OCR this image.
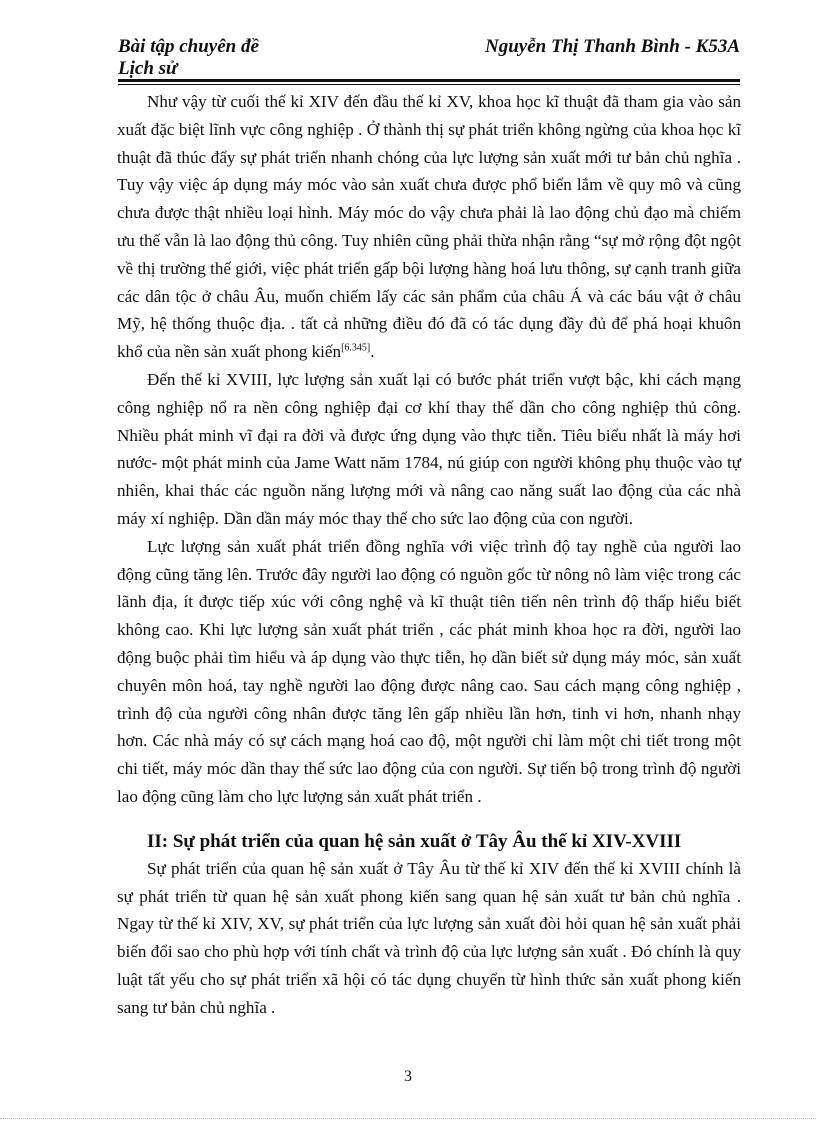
Bài tập chuyên đề
Lịch sử
Nguyễn Thị Thanh Bình - K53A

Như vậy từ cuối thế kỉ XIV đến đầu thế kỉ XV, khoa học kĩ thuật đã tham gia vào sản xuất đặc biệt lĩnh vực công nghiệp . Ở thành thị sự phát triển không ngừng của khoa học kĩ thuật đã thúc đẩy sự phát triển nhanh chóng của lực lượng sản xuất mới tư bản chủ nghĩa . Tuy vậy việc áp dụng máy móc vào sản xuất chưa được phổ biến lắm về quy mô và cũng chưa được thật nhiều loại hình. Máy móc do vậy chưa phải là lao động chủ đạo mà chiếm ưu thế vẫn là lao động thủ công. Tuy nhiên cũng phải thừa nhận rằng “sự mở rộng đột ngột về thị trường thế giới, việc phát triển gấp bội lượng hàng hoá lưu thông, sự cạnh tranh giữa các dân tộc ở châu Âu, muốn chiếm lấy các sản phẩm của châu Á và các báu vật ở châu Mỹ, hệ thống thuộc địa. . tất cả những điều đó đã có tác dụng đầy đủ để phá hoại khuôn khổ của nền sản xuất phong kiến[6.345].

Đến thế kỉ XVIII, lực lượng sản xuất lại có bước phát triển vượt bậc, khi cách mạng công nghiệp nổ ra nền công nghiệp đại cơ khí thay thế dần cho công nghiệp thủ công. Nhiều phát minh vĩ đại ra đời và được ứng dụng vào thực tiễn. Tiêu biểu nhất là máy hơi nước- một phát minh của Jame Watt năm 1784, nú giúp con người không phụ thuộc vào tự nhiên, khai thác các nguồn năng lượng mới và nâng cao năng suất lao động của các nhà máy xí nghiệp. Dần dần máy móc thay thế cho sức lao động của con người.

Lực lượng sản xuất phát triển đồng nghĩa với việc trình độ tay nghề của người lao động cũng tăng lên. Trước đây người lao động có nguồn gốc từ nông nô làm việc trong các lãnh địa, ít được tiếp xúc với công nghệ và kĩ thuật tiên tiến nên trình độ thấp hiểu biết không cao. Khi lực lượng sản xuất phát triển , các phát minh khoa học ra đời, người lao động buộc phải tìm hiểu và áp dụng vào thực tiễn, họ dần biết sử dụng máy móc, sản xuất chuyên môn hoá, tay nghề người lao động được nâng cao. Sau cách mạng công nghiệp , trình độ của người công nhân được tăng lên gấp nhiều lần hơn, tinh vi hơn, nhanh nhạy hơn. Các nhà máy có sự cách mạng hoá cao độ, một người chỉ làm một chi tiết trong một chi tiết, máy móc dần thay thế sức lao động của con người. Sự tiến bộ trong trình độ người lao động cũng làm cho lực lượng sản xuất phát triển .

II: Sự phát triển của quan hệ sản xuất ở Tây Âu thế kỉ XIV-XVIII

Sự phát triển của quan hệ sản xuất ở Tây Âu từ thế kỉ XIV đến thế kỉ XVIII chính là sự phát triển từ quan hệ sản xuất phong kiến sang quan hệ sản xuất tư bản chủ nghĩa . Ngay từ thế kỉ XIV, XV, sự phát triển của lực lượng sản xuất đòi hỏi quan hệ sản xuất phải biến đổi sao cho phù hợp với tính chất và trình độ của lực lượng sản xuất . Đó chính là quy luật tất yếu cho sự phát triển xã hội có tác dụng chuyển từ hình thức sản xuất phong kiến sang tư bản chủ nghĩa .

3
